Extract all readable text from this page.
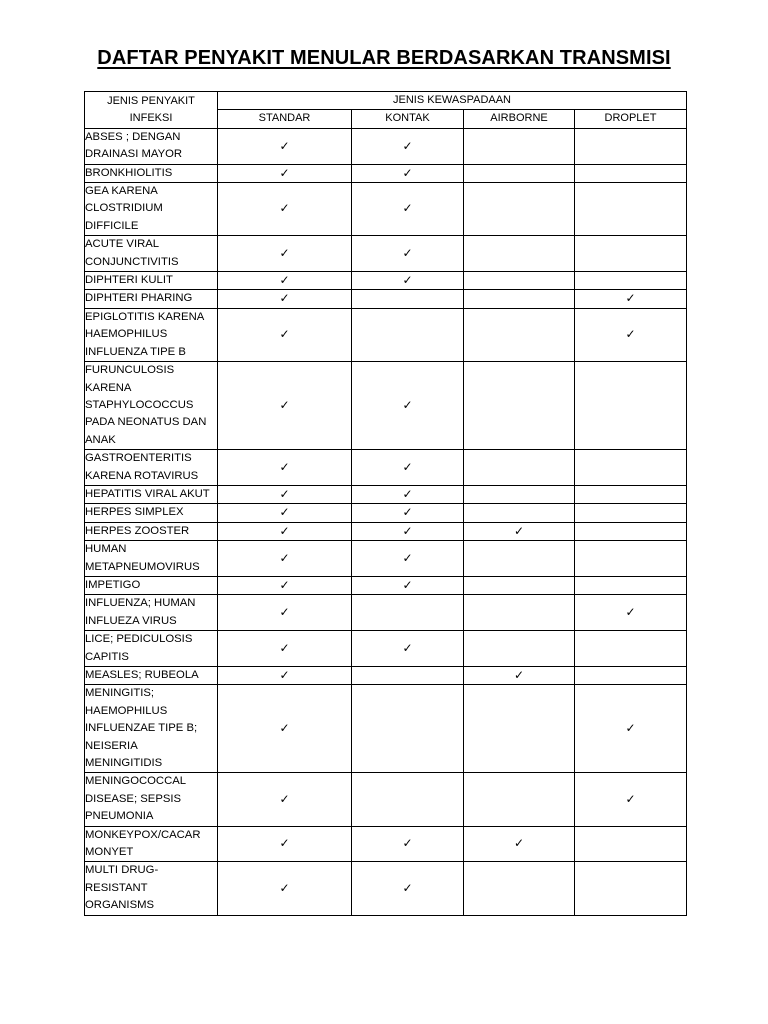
DAFTAR PENYAKIT MENULAR BERDASARKAN TRANSMISI
JENIS PENYAKIT INFEKSI	JENIS KEWASPADAAN			
	STANDAR	KONTAK	AIRBORNE	DROPLET
ABSES ; DENGAN DRAINASI MAYOR	✓	✓		
BRONKHIOLITIS	✓	✓		
GEA KARENA CLOSTRIDIUM DIFFICILE	✓	✓		
ACUTE VIRAL CONJUNCTIVITIS	✓	✓		
DIPHTERI KULIT	✓	✓		
DIPHTERI PHARING	✓			✓
EPIGLOTITIS KARENA HAEMOPHILUS INFLUENZA TIPE B	✓			✓
FURUNCULOSIS KARENA STAPHYLOCOCCUS PADA NEONATUS DAN ANAK	✓	✓		
GASTROENTERITIS KARENA ROTAVIRUS	✓	✓		
HEPATITIS VIRAL AKUT	✓	✓		
HERPES SIMPLEX	✓	✓		
HERPES ZOOSTER	✓	✓	✓	
HUMAN METAPNEUMOVIRUS	✓	✓		
IMPETIGO	✓	✓		
INFLUENZA; HUMAN INFLUEZA VIRUS	✓			✓
LICE; PEDICULOSIS CAPITIS	✓	✓		
MEASLES; RUBEOLA	✓		✓	
MENINGITIS; HAEMOPHILUS INFLUENZAE TIPE B; NEISERIA MENINGITIDIS	✓			✓
MENINGOCOCCAL DISEASE; SEPSIS PNEUMONIA	✓			✓
MONKEYPOX/CACAR MONYET	✓	✓	✓	
MULTI DRUG-RESISTANT ORGANISMS	✓	✓		
